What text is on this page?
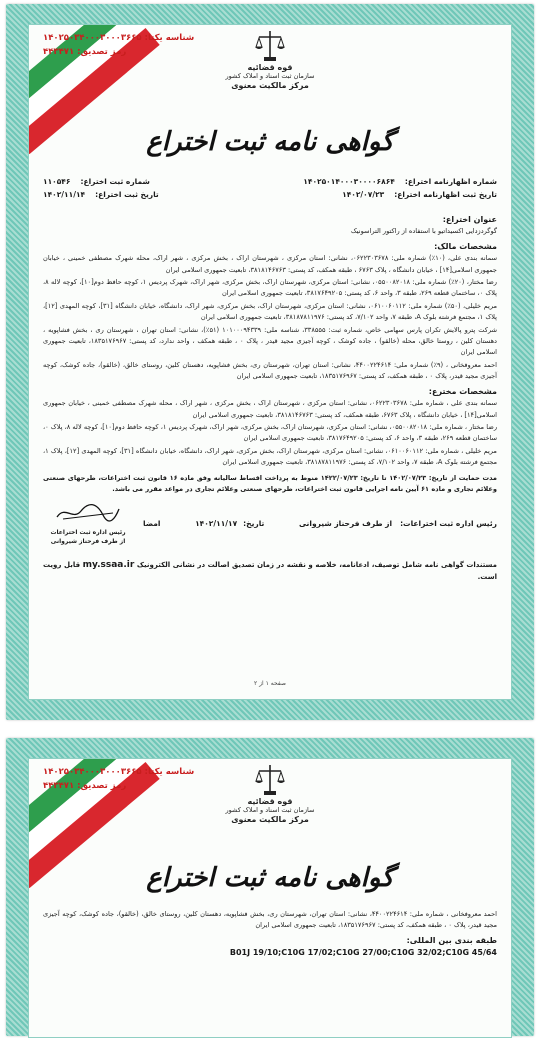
شناسه یکتا: ۱۴۰۲۵۰۳۴۰۰۰۳۰۰۰۳۶۶۵
رمز تصدیق: ۴۴۳۴۷۱
قوه قضائیه
سازمان ثبت اسناد و املاک کشور
مرکز مالکیت معنوی
گواهی نامه ثبت اختراع
شماره اظهارنامه اختراع:
۱۴۰۲۵۰۱۴۰۰۰۳۰۰۰۰۶۸۶۴
شماره ثبت اختراع:
۱۱۰۵۴۶
تاریخ ثبت اظهارنامه اختراع:
۱۴۰۲/۰۷/۲۳
تاریخ ثبت اختراع:
۱۴۰۲/۱۱/۱۴
عنوان اختراع:

گوگردزدایی اکسیداتیو با استفاده از راکتور التراسونیک

مشخصات مالک:

سمانه بندی علی، (۱۰٪) شماره ملی: ۰۶۲۲۳۰۳۶۷۸، نشانی: استان مرکزی ، شهرستان اراک ، بخش مرکزی ، شهر اراک، محله شهرک مصطفی خمینی ، خیابان جمهوری اسلامی[۱۴] ، خیابان دانشگاه ، پلاک ۶۷۶۳ ، طبقه همکف، کد پستی: ۳۸۱۸۱۴۶۷۶۳، تابعیت جمهوری اسلامی ایران

رضا مختار، (۲۰٪) شماره ملی: ۰۵۵۰۰۸۲۰۱۸، نشانی: استان مرکزی، شهرستان اراک، بخش مرکزی، شهر اراک، شهرک پردیس ۱، کوچه حافظ دوم[۱۰]، کوچه لاله ۸، پلاک ۰، ساختمان قطعه ۲۶۹، طبقه ۳، واحد ۶، کد پستی: ۳۸۱۷۶۴۹۲۰۵، تابعیت جمهوری اسلامی ایران

مریم خلیلی، (۵۰٪) شماره ملی: ۰۶۱۰۰۶۰۱۱۲، نشانی: استان مرکزی، شهرستان اراک، بخش مرکزی، شهر اراک، دانشگاه، خیابان دانشگاه [۳۱]، کوچه المهدی [۱۲]، پلاک ۱، مجتمع فرشته بلوک A، طبقه ۷، واحد ۷/۱۰۲، کد پستی: ۳۸۱۸۷۸۱۱۹۷۶، تابعیت جمهوری اسلامی ایران

شرکت پترو پالایش تکران پارس سهامی خاص، شماره ثبت: ۳۳۸۵۵۵، شناسه ملی: ۱۰۱۰۰۰۹۴۳۳۹ (۵۱٪)، نشانی: استان تهران ، شهرستان ری ، بخش فشاپویه ، دهستان کلین ، روستا خالق، محله (خالقو) ، جاده کوشک ، کوچه آجیزی مجید قیدر ، پلاک ۰ ، طبقه همکف ، واحد ندارد، کد پستی: ۱۸۳۵۱۷۶۹۶۷، تابعیت جمهوری اسلامی ایران

احمد معروفخانی ، (۹٪) شماره ملی: ۴۴۰۰۲۲۴۶۱۴، نشانی: استان تهران، شهرستان ری، بخش فشاپویه، دهستان کلین، روستای خالق، (خالقو)، جاده کوشک، کوچه آجیزی مجید قیدر، پلاک ۰ ، طبقه همکف، کد پستی: ۱۸۳۵۱۷۶۹۶۷، تابعیت جمهوری اسلامی ایران

مشخصات مخترع:

سمانه بندی علی ، شماره ملی: ۰۶۲۲۳۰۳۶۷۸، نشانی: استان مرکزی ، شهرستان اراک ، بخش مرکزی ، شهر اراک ، محله شهرک مصطفی خمینی ، خیابان جمهوری اسلامی[۱۴] ، خیابان دانشگاه ، پلاک ۶۷۶۳، طبقه همکف، کد پستی: ۳۸۱۸۱۴۶۷۶۳، تابعیت جمهوری اسلامی ایران

رضا مختار ، شماره ملی: ۰۵۵۰۰۸۲۰۱۸، نشانی: استان مرکزی، شهرستان اراک، بخش مرکزی، شهر اراک، شهرک پردیس ۱، کوچه حافظ دوم[۱۰]، کوچه لاله ۸، پلاک ۰، ساختمان قطعه ۲۶۹، طبقه ۳، واحد ۶، کد پستی: ۳۸۱۷۶۴۹۲۰۵، تابعیت جمهوری اسلامی ایران

مریم خلیلی ، شماره ملی: ۰۶۱۰۰۶۰۱۱۲، نشانی: استان مرکزی، شهرستان اراک، بخش مرکزی، شهر اراک، دانشگاه، خیابان دانشگاه [۳۱]، کوچه المهدی [۱۲]، پلاک ۱، مجتمع فرشته بلوک A، طبقه ۷، واحد ۷/۱۰۲، کد پستی: ۳۸۱۸۷۸۱۱۹۷۶، تابعیت جمهوری اسلامی ایران

مدت حمایت از تاریخ: ۱۴۰۲/۰۷/۲۳ تا تاریخ: ۱۴۲۲/۰۷/۲۳ منوط به پرداخت اقساط سالیانه وفق ماده ۱۶ قانون ثبت اختراعات، طرحهای صنعتی وعلائم تجاری و ماده ۶۱ آیین نامه اجرایی قانون ثبت اختراعات، طرحهای صنعتی وعلائم تجاری در مواعد مقرر می باشد.

رئیس اداره ثبت اختراعات:
از طرف فرحناز شیروانی
تاریخ:
۱۴۰۲/۱۱/۱۷
امضا
رئیس اداره ثبت اختراعات
از طرف فرحناز شیروانی
مستندات گواهی نامه شامل توصیف، ادعانامه، خلاصه و نقشه در زمان تصدیق اصالت در نشانی الکترونیک my.ssaa.ir قابل رویت است.
صفحه ۱ از ۲
شناسه یکتا: ۱۴۰۲۵۰۳۴۰۰۰۳۰۰۰۳۶۶۵
رمز تصدیق: ۴۴۳۴۷۱
قوه قضائیه
سازمان ثبت اسناد و املاک کشور
مرکز مالکیت معنوی
گواهی نامه ثبت اختراع

احمد معروفخانی ، شماره ملی: ۴۴۰۰۲۲۴۶۱۴، نشانی: استان تهران، شهرستان ری، بخش فشاپویه، دهستان کلین، روستای خالق، (خالقو)، جاده کوشک، کوچه آجیزی مجید قیدر، پلاک ۰ ، طبقه همکف، کد پستی: ۱۸۳۵۱۷۶۹۶۷، تابعیت جمهوری اسلامی ایران

طبقه بندی بین المللی:
B01J 19/10;C10G 17/02;C10G 27/00;C10G 32/02;C10G 45/64
